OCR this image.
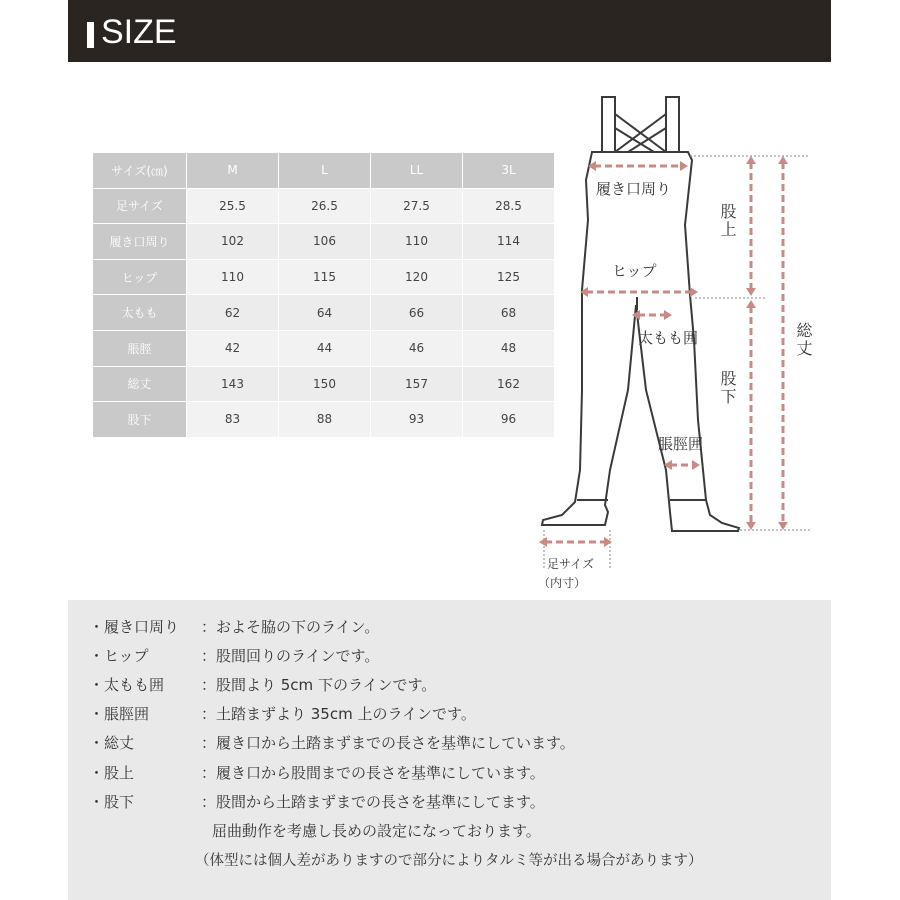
SIZE
サイズ(㎝)	M	L	LL	3L
足サイズ	25.5	26.5	27.5	28.5
履き口周り	102	106	110	114
ヒップ	110	115	120	125
太もも	62	64	66	68
脹脛	42	44	46	48
総丈	143	150	157	162
股下	83	88	93	96
履き口周り
ヒップ
太もも囲
脹脛囲
股上
股下
総丈
足サイズ
（内寸）
・履き口周り ：およそ脇の下のライン。
・ヒップ	：股間回りのラインです。
・太もも囲 ：股間より 5cm 下のラインです。
・脹脛囲	：土踏まずより 35cm 上のラインです。
・総丈	：履き口から土踏まずまでの長さを基準にしています。
・股上	：履き口から股間までの長さを基準にしています。
・股下	：股間から土踏まずまでの長さを基準にしてます。
屈曲動作を考慮し長めの設定になっております。
（体型には個人差がありますので部分によりタルミ等が出る場合があります）
